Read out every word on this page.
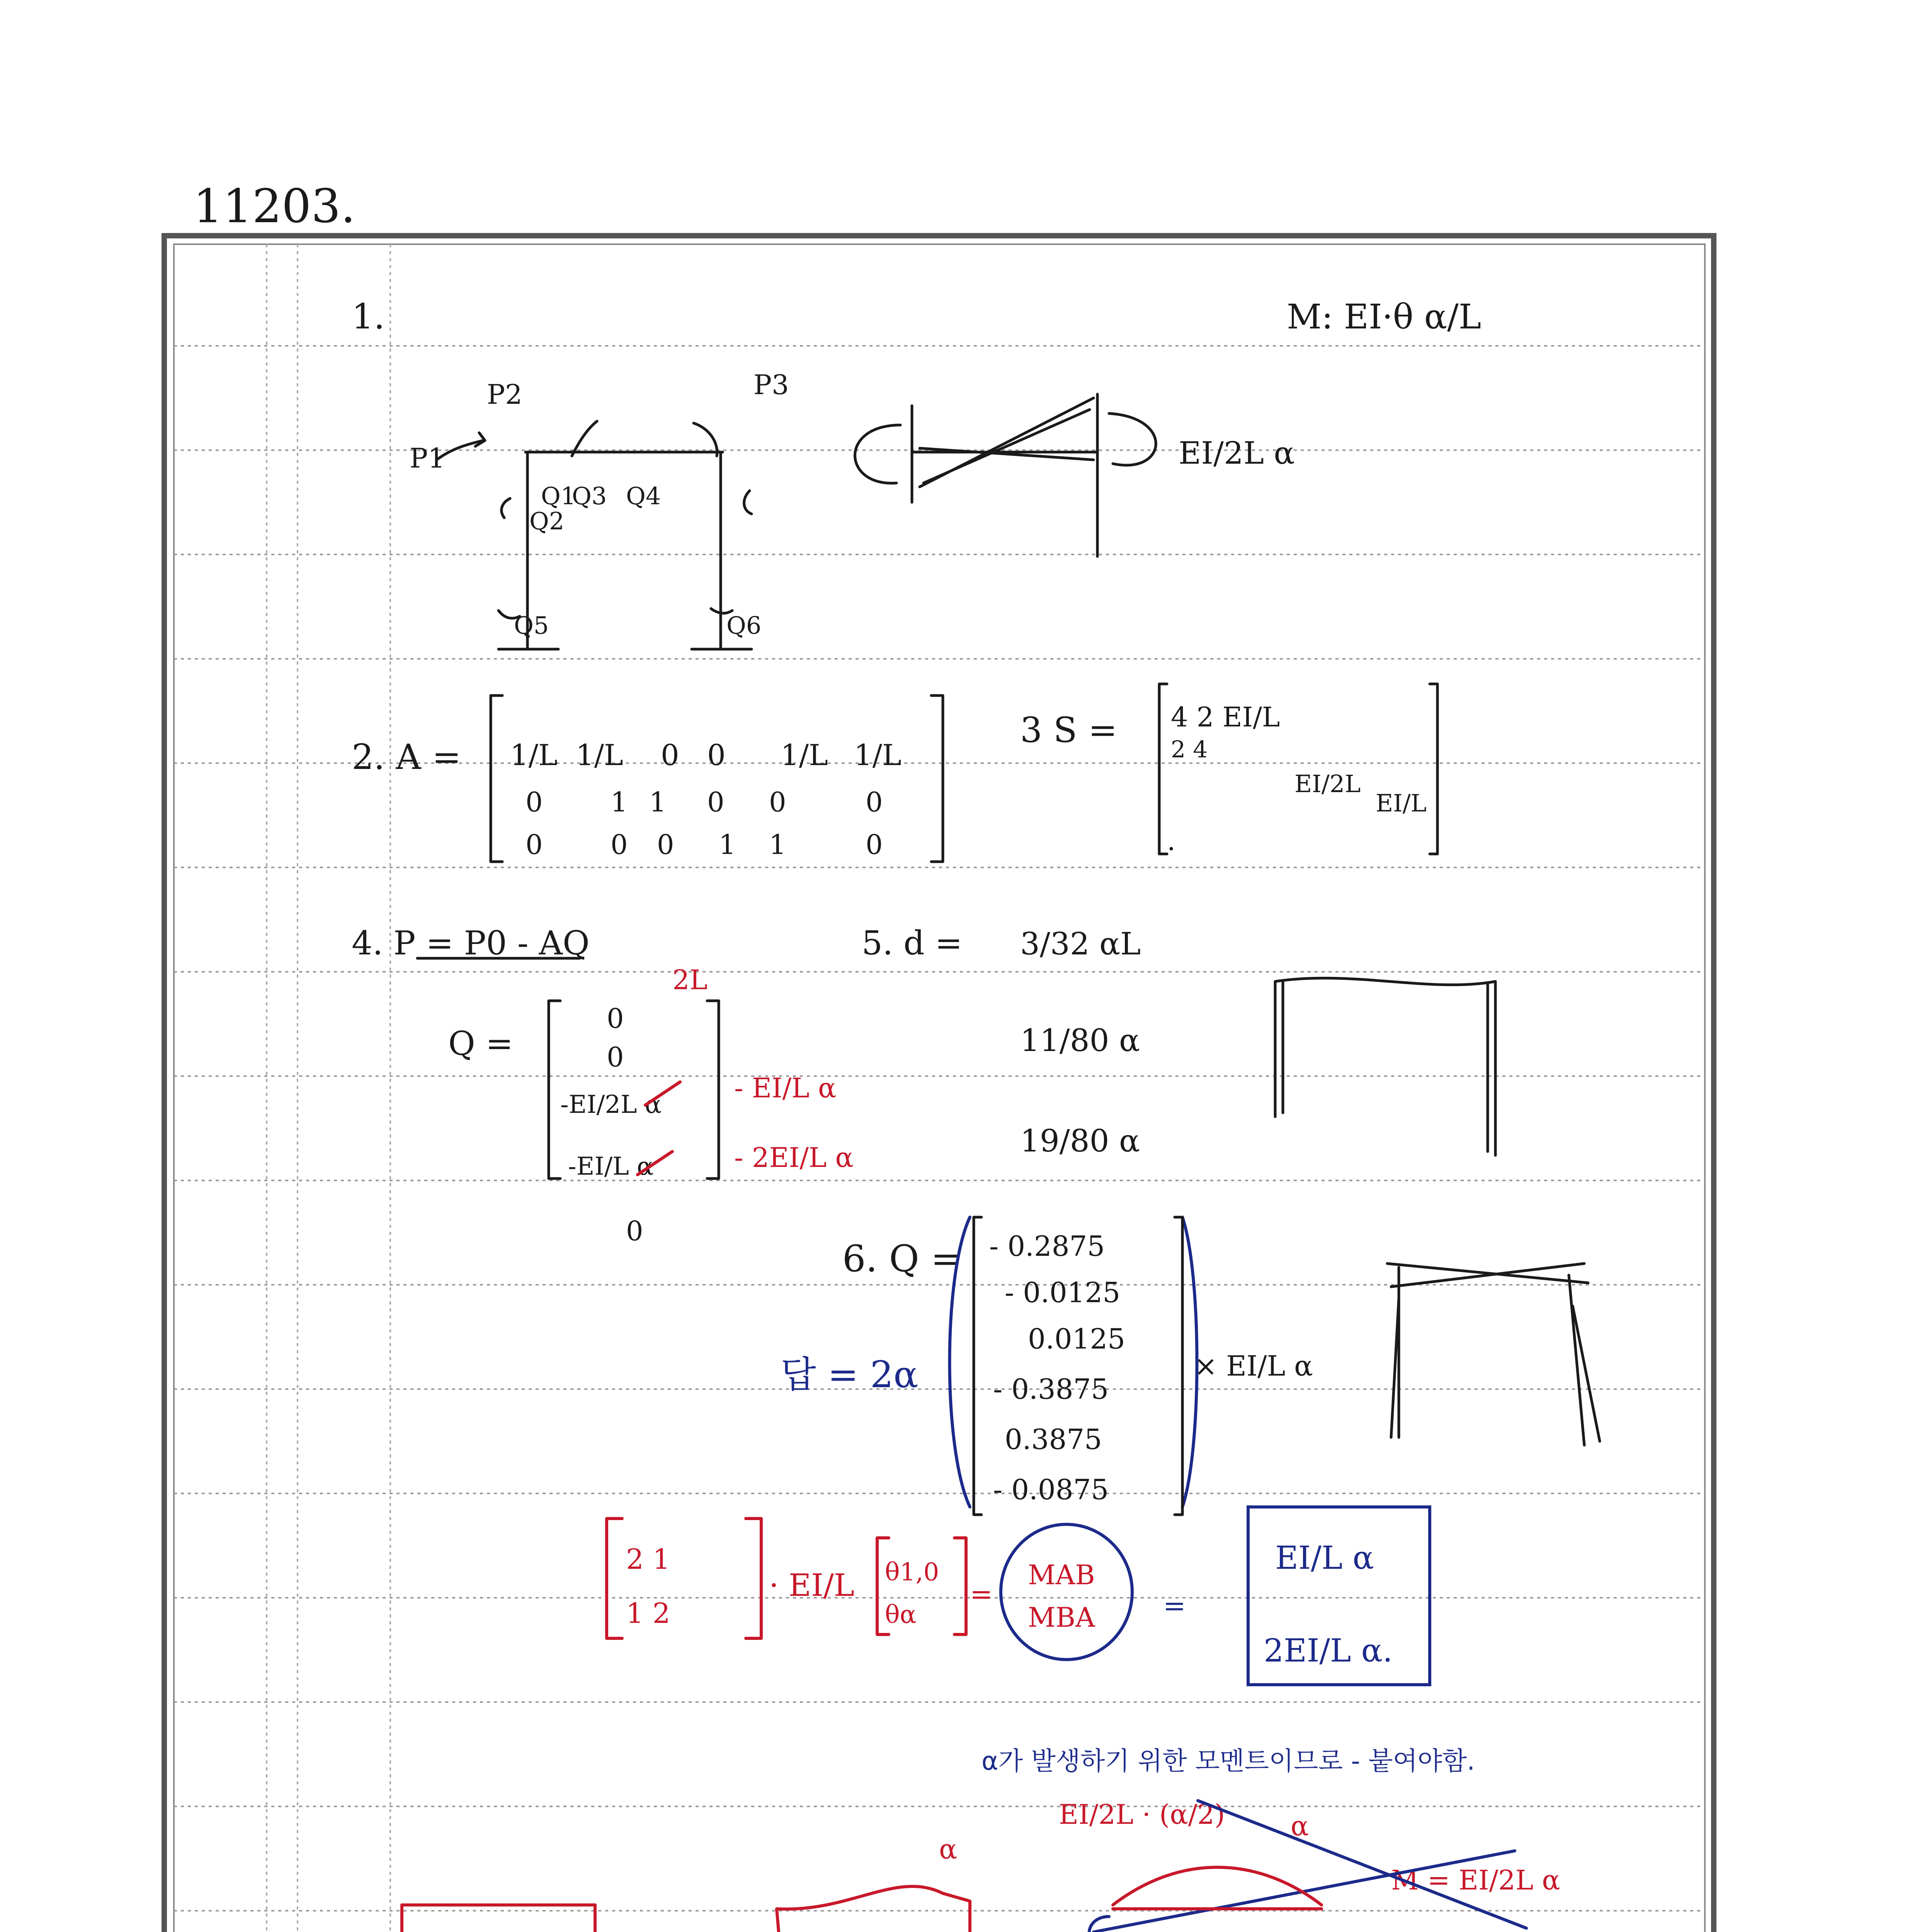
11203.
1.	M: EI·θ α/L
P1
P2	P3
Q1
Q2
Q3 Q4
Q5	Q6
EI/2L α
2. A = 1/L 1/L 0 0 1/L 1/L
0	1 1 0 0	0
0	0 0 1 1	0
3 S = 4 2 EI/L
2 4
EI/2L
EI/L
.
4. P = P0 - AQ
Q =
0
0
-EI/2L α
-EI/L α
0
2L
- EI/L α
- 2EI/L α
5. d = 3/32 αL
11/80 α
19/80 α
6. Q =
답 = 2α
- 0.2875
- 0.0125
0.0125
- 0.3875
0.3875
- 0.0875
× EI/L α
2 1
1 2
· EI/L θ1,0
θα
=
MAB
MBA	=
EI/L α
2EI/L α.
α가 발생하기 위한 모멘트이므로 - 붙여야함.
EI/2L · (α/2)
M = EI/2L α
α
α
